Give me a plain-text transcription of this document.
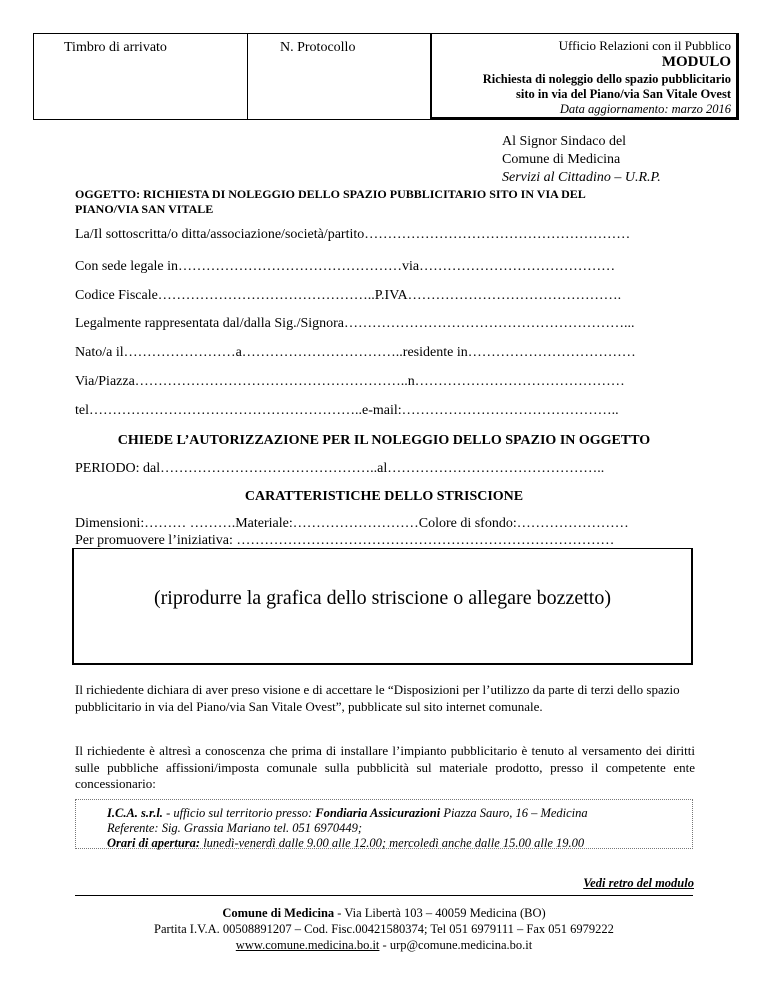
Timbro di arrivato	N. Protocollo	Ufficio Relazioni con il Pubblico
MODULO
Richiesta di noleggio dello spazio pubblicitario
sito in via del Piano/via San Vitale Ovest
Data aggiornamento: marzo 2016
Al Signor Sindaco del
Comune di Medicina
Servizi al Cittadino – U.R.P.
OGGETTO: RICHIESTA DI NOLEGGIO DELLO SPAZIO PUBBLICITARIO SITO IN VIA DEL
PIANO/VIA SAN VITALE
La/Il sottoscritta/o ditta/associazione/società/partito…………………………………………………
Con sede legale in…………………………………………via……………………………………
Codice Fiscale………………………………………..P.IVA……………………………………….
Legalmente rappresentata dal/dalla Sig./Signora……………………………………………………...
Nato/a il……………………a……………………………..residente in………………………………
Via/Piazza…………………………………………………..n………………………………………
tel…………………………………………………..e-mail:………………………………………..
CHIEDE L’AUTORIZZAZIONE PER IL NOLEGGIO DELLO SPAZIO IN OGGETTO
PERIODO: dal………………………………………..al………………………………………..
CARATTERISTICHE DELLO STRISCIONE
Dimensioni:……… ……….Materiale:………………………Colore di sfondo:……………………
Per promuovere l’iniziativa: ………………………………………………………………………
(riprodurre la grafica dello striscione o allegare bozzetto)
Il richiedente dichiara di aver preso visione e di accettare le “Disposizioni per l’utilizzo da parte di terzi dello spazio pubblicitario in via del Piano/via San Vitale Ovest”, pubblicate sul sito internet comunale.
Il richiedente è altresì a conoscenza che prima di installare l’impianto pubblicitario è tenuto al versamento dei diritti sulle pubbliche affissioni/imposta comunale sulla pubblicità sul materiale prodotto, presso il competente ente concessionario:
I.C.A. s.r.l. - ufficio sul territorio presso: Fondiaria Assicurazioni Piazza Sauro, 16 – Medicina
Referente: Sig. Grassia Mariano tel. 051 6970449;
Orari di apertura: lunedì-venerdì dalle 9.00 alle 12.00; mercoledì anche dalle 15.00 alle 19.00
Vedi retro del modulo
Comune di Medicina - Via Libertà 103 – 40059 Medicina (BO)
Partita I.V.A. 00508891207 – Cod. Fisc.00421580374; Tel 051 6979111 – Fax 051 6979222
www.comune.medicina.bo.it - urp@comune.medicina.bo.it
